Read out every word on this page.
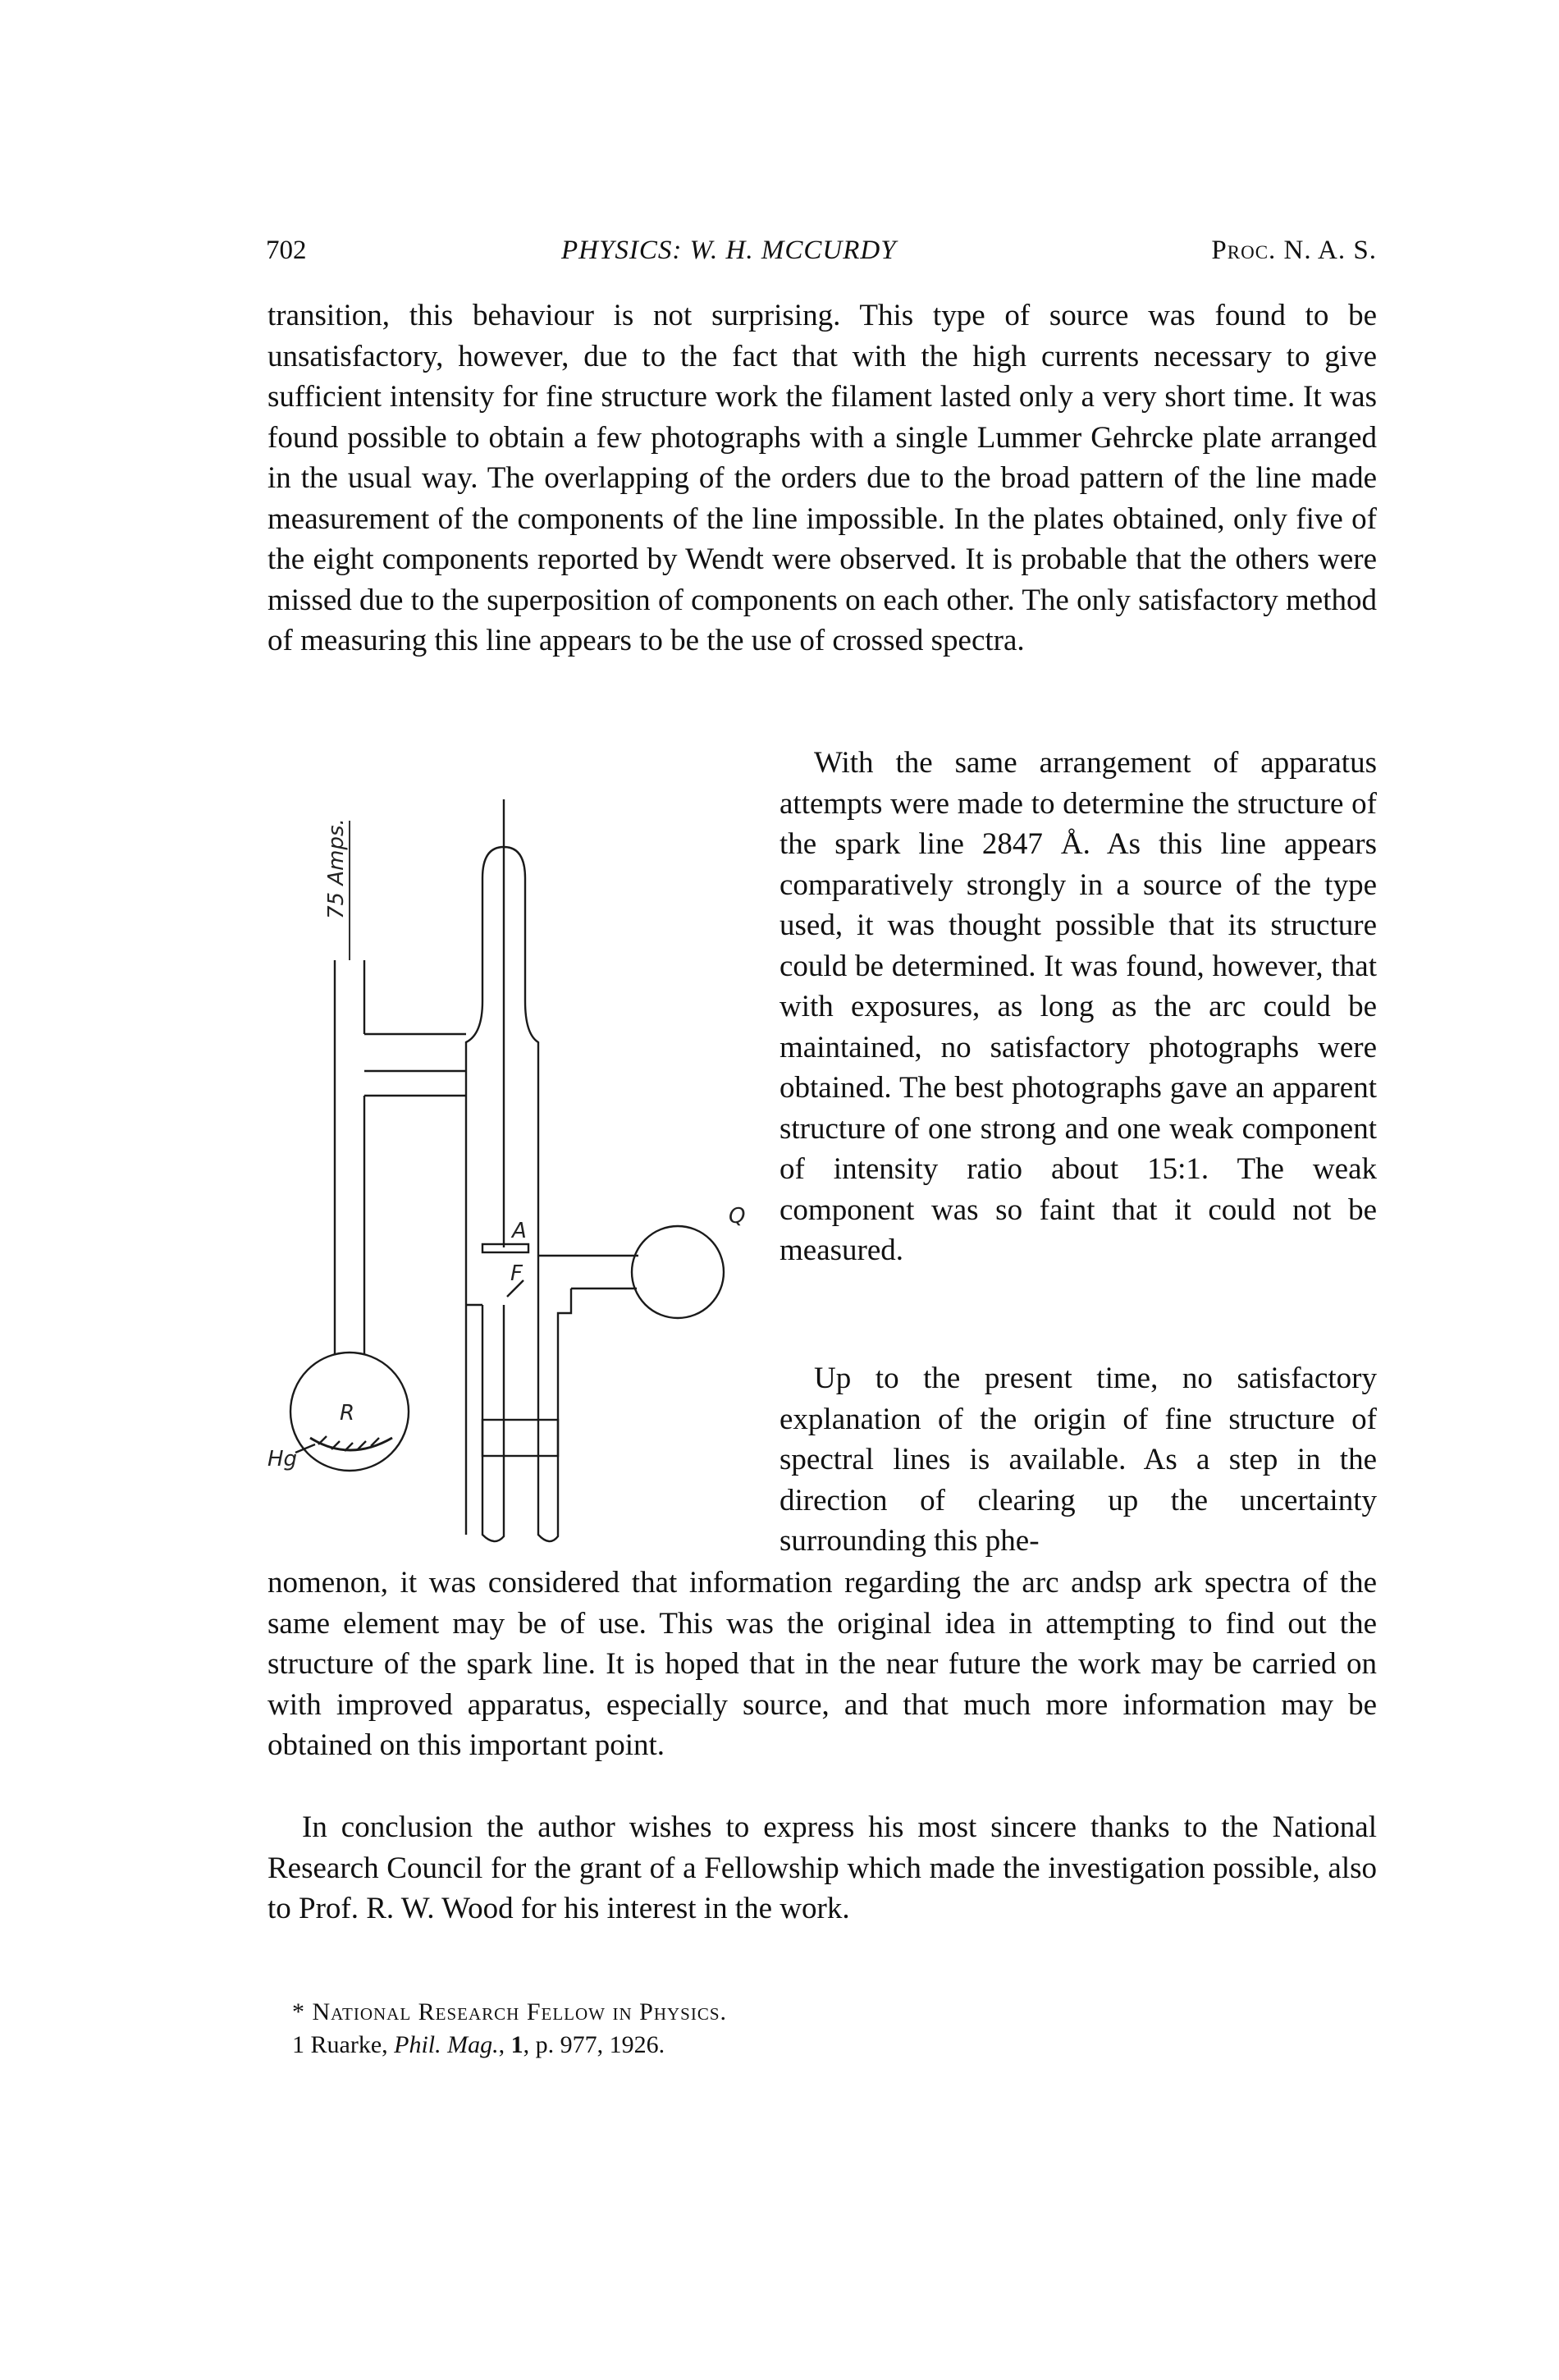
702	PHYSICS: W. H. MCCURDY	Proc. N. A. S.

transition, this behaviour is not surprising. This type of source was found to be unsatisfactory, however, due to the fact that with the high currents necessary to give sufficient intensity for fine structure work the filament lasted only a very short time. It was found possible to obtain a few photographs with a single Lummer Gehrcke plate arranged in the usual way. The overlapping of the orders due to the broad pattern of the line made measurement of the components of the line impossible. In the plates obtained, only five of the eight components reported by Wendt were observed. It is probable that the others were missed due to the superposition of components on each other. The only satisfactory method of measuring this line appears to be the use of crossed spectra.

75 Amps.
A
F
Q
R
Hg

With the same arrangement of apparatus attempts were made to determine the structure of the spark line 2847 Å. As this line appears comparatively strongly in a source of the type used, it was thought possible that its structure could be determined. It was found, however, that with exposures, as long as the arc could be maintained, no satisfactory photographs were obtained. The best photographs gave an apparent structure of one strong and one weak component of intensity ratio about 15:1. The weak component was so faint that it could not be measured.

Up to the present time, no satisfactory explanation of the origin of fine structure of spectral lines is available. As a step in the direction of clearing up the uncertainty surrounding this phe-

nomenon, it was considered that information regarding the arc andsp ark spectra of the same element may be of use. This was the original idea in attempting to find out the structure of the spark line. It is hoped that in the near future the work may be carried on with improved apparatus, especially source, and that much more information may be obtained on this important point.

In conclusion the author wishes to express his most sincere thanks to the National Research Council for the grant of a Fellowship which made the investigation possible, also to Prof. R. W. Wood for his interest in the work.

* National Research Fellow in Physics.

1 Ruarke, Phil. Mag., 1, p. 977, 1926.
